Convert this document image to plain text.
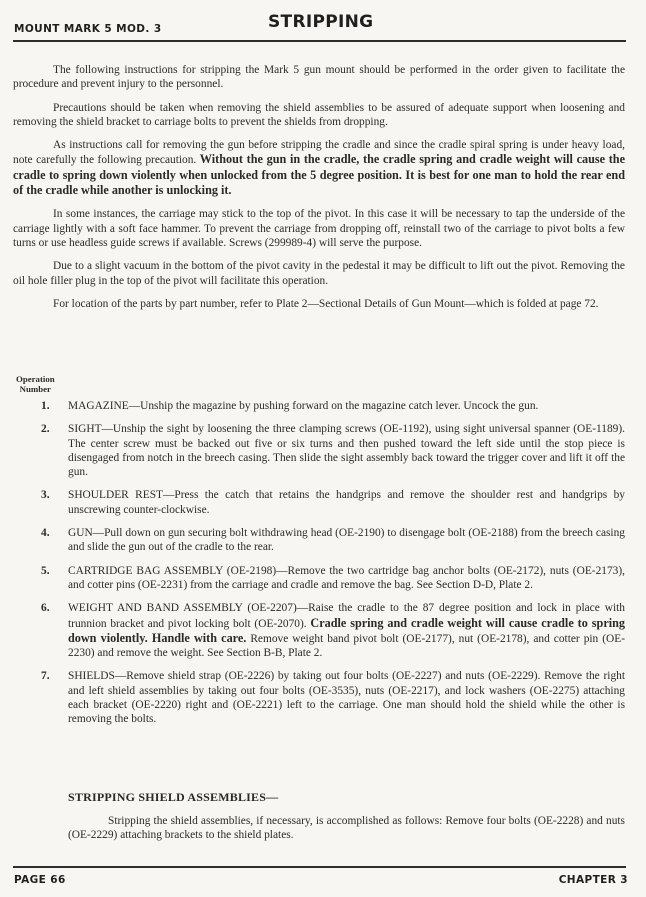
MOUNT MARK 5 MOD. 3	STRIPPING

The following instructions for stripping the Mark 5 gun mount should be performed in the order given to facilitate the procedure and prevent injury to the personnel.

Precautions should be taken when removing the shield assemblies to be assured of adequate support when loosening and removing the shield bracket to carriage bolts to prevent the shields from dropping.

As instructions call for removing the gun before stripping the cradle and since the cradle spiral spring is under heavy load, note carefully the following precaution. Without the gun in the cradle, the cradle spring and cradle weight will cause the cradle to spring down violently when unlocked from the 5 degree position. It is best for one man to hold the rear end of the cradle while another is unlocking it.

In some instances, the carriage may stick to the top of the pivot. In this case it will be necessary to tap the underside of the carriage lightly with a soft face hammer. To prevent the carriage from dropping off, reinstall two of the carriage to pivot bolts a few turns or use headless guide screws if available. Screws (299989-4) will serve the purpose.

Due to a slight vacuum in the bottom of the pivot cavity in the pedestal it may be difficult to lift out the pivot. Removing the oil hole filler plug in the top of the pivot will facilitate this operation.

For location of the parts by part number, refer to Plate 2—Sectional Details of Gun Mount—which is folded at page 72.

Operation
Number
1. MAGAZINE—Unship the magazine by pushing forward on the magazine catch lever. Uncock the gun.
2. SIGHT—Unship the sight by loosening the three clamping screws (OE-1192), using sight universal spanner (OE-1189). The center screw must be backed out five or six turns and then pushed toward the left side until the stop piece is disengaged from notch in the breech casing. Then slide the sight assembly back toward the trigger cover and lift it off the gun.
3. SHOULDER REST—Press the catch that retains the handgrips and remove the shoulder rest and handgrips by unscrewing counter-clockwise.
4. GUN—Pull down on gun securing bolt withdrawing head (OE-2190) to disengage bolt (OE-2188) from the breech casing and slide the gun out of the cradle to the rear.
5. CARTRIDGE BAG ASSEMBLY (OE-2198)—Remove the two cartridge bag anchor bolts (OE-2172), nuts (OE-2173), and cotter pins (OE-2231) from the carriage and cradle and remove the bag. See Section D-D, Plate 2.
6. WEIGHT AND BAND ASSEMBLY (OE-2207)—Raise the cradle to the 87 degree position and lock in place with trunnion bracket and pivot locking bolt (OE-2070). Cradle spring and cradle weight will cause cradle to spring down violently. Handle with care. Remove weight band pivot bolt (OE-2177), nut (OE-2178), and cotter pin (OE-2230) and remove the weight. See Section B-B, Plate 2.
7. SHIELDS—Remove shield strap (OE-2226) by taking out four bolts (OE-2227) and nuts (OE-2229). Remove the right and left shield assemblies by taking out four bolts (OE-3535), nuts (OE-2217), and lock washers (OE-2275) attaching each bracket (OE-2220) right and (OE-2221) left to the carriage. One man should hold the shield while the other is removing the bolts.
STRIPPING SHIELD ASSEMBLIES—

Stripping the shield assemblies, if necessary, is accomplished as follows: Remove four bolts (OE-2228) and nuts (OE-2229) attaching brackets to the shield plates.

PAGE 66	CHAPTER 3
